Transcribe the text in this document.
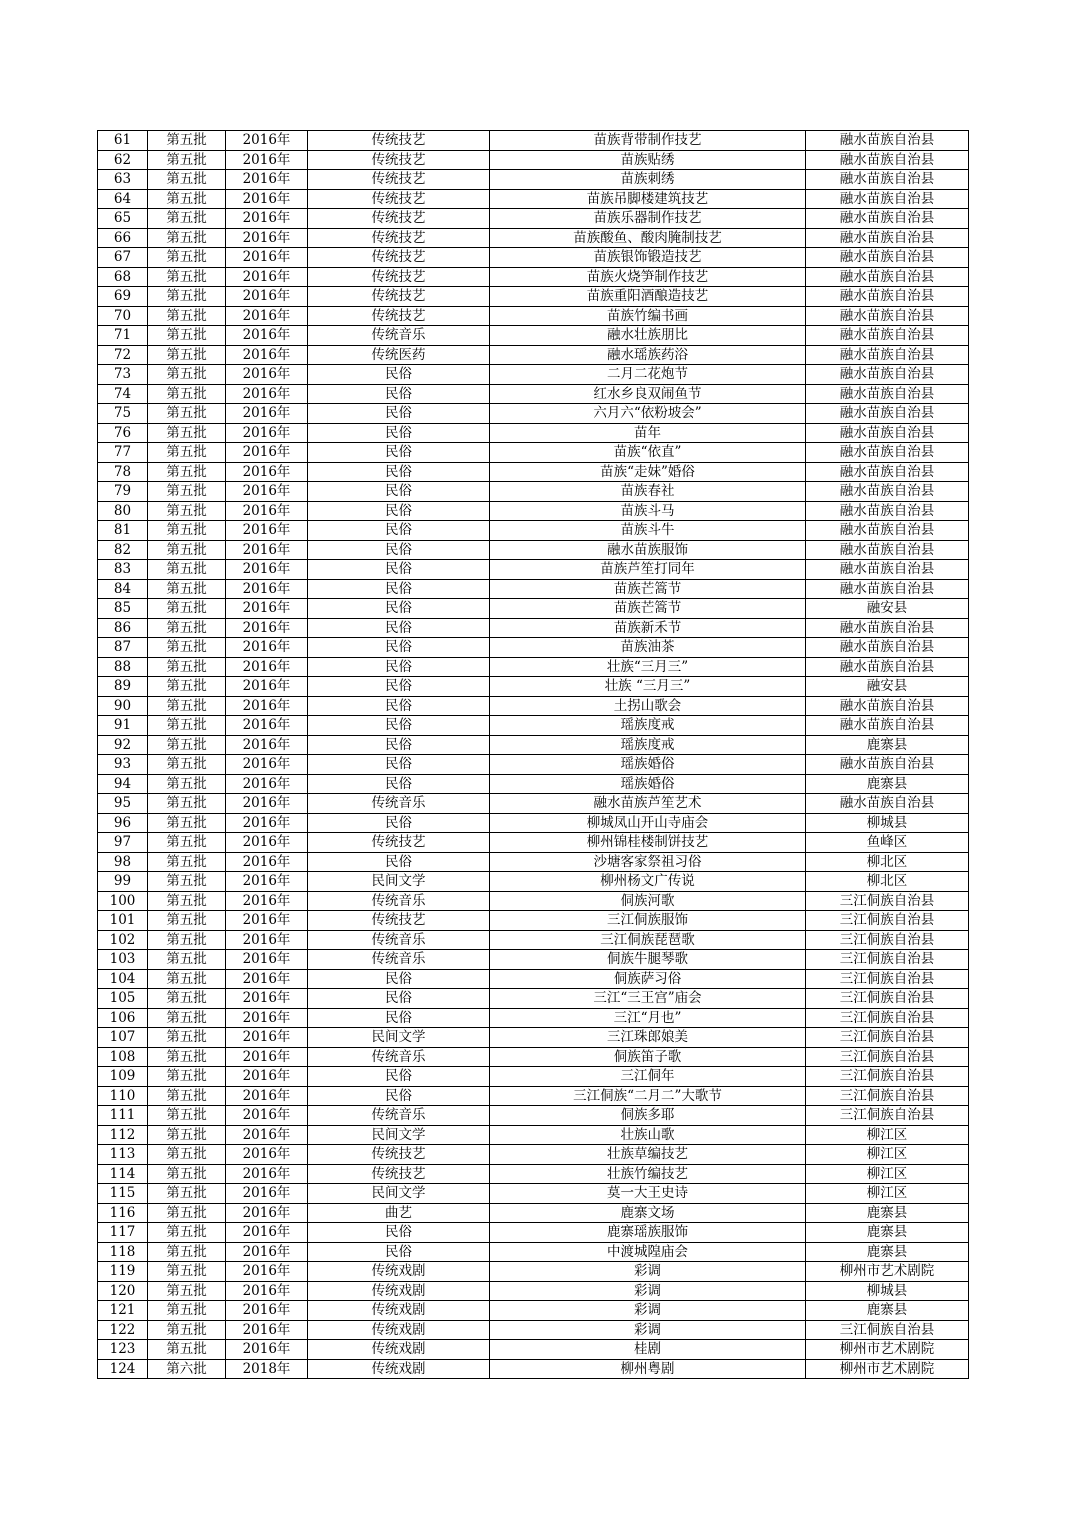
61	第五批	2016年	传统技艺	苗族背带制作技艺	融水苗族自治县
62	第五批	2016年	传统技艺	苗族贴绣	融水苗族自治县
63	第五批	2016年	传统技艺	苗族刺绣	融水苗族自治县
64	第五批	2016年	传统技艺	苗族吊脚楼建筑技艺	融水苗族自治县
65	第五批	2016年	传统技艺	苗族乐器制作技艺	融水苗族自治县
66	第五批	2016年	传统技艺	苗族酸鱼、酸肉腌制技艺	融水苗族自治县
67	第五批	2016年	传统技艺	苗族银饰锻造技艺	融水苗族自治县
68	第五批	2016年	传统技艺	苗族火烧笋制作技艺	融水苗族自治县
69	第五批	2016年	传统技艺	苗族重阳酒酿造技艺	融水苗族自治县
70	第五批	2016年	传统技艺	苗族竹编书画	融水苗族自治县
71	第五批	2016年	传统音乐	融水壮族朋比	融水苗族自治县
72	第五批	2016年	传统医药	融水瑶族药浴	融水苗族自治县
73	第五批	2016年	民俗	二月二花炮节	融水苗族自治县
74	第五批	2016年	民俗	红水乡良双闹鱼节	融水苗族自治县
75	第五批	2016年	民俗	六月六“依粉坡会”	融水苗族自治县
76	第五批	2016年	民俗	苗年	融水苗族自治县
77	第五批	2016年	民俗	苗族“依直”	融水苗族自治县
78	第五批	2016年	民俗	苗族“走妹”婚俗	融水苗族自治县
79	第五批	2016年	民俗	苗族春社	融水苗族自治县
80	第五批	2016年	民俗	苗族斗马	融水苗族自治县
81	第五批	2016年	民俗	苗族斗牛	融水苗族自治县
82	第五批	2016年	民俗	融水苗族服饰	融水苗族自治县
83	第五批	2016年	民俗	苗族芦笙打同年	融水苗族自治县
84	第五批	2016年	民俗	苗族芒篙节	融水苗族自治县
85	第五批	2016年	民俗	苗族芒篙节	融安县
86	第五批	2016年	民俗	苗族新禾节	融水苗族自治县
87	第五批	2016年	民俗	苗族油茶	融水苗族自治县
88	第五批	2016年	民俗	壮族“三月三”	融水苗族自治县
89	第五批	2016年	民俗	壮族 “三月三”	融安县
90	第五批	2016年	民俗	土拐山歌会	融水苗族自治县
91	第五批	2016年	民俗	瑶族度戒	融水苗族自治县
92	第五批	2016年	民俗	瑶族度戒	鹿寨县
93	第五批	2016年	民俗	瑶族婚俗	融水苗族自治县
94	第五批	2016年	民俗	瑶族婚俗	鹿寨县
95	第五批	2016年	传统音乐	融水苗族芦笙艺术	融水苗族自治县
96	第五批	2016年	民俗	柳城凤山开山寺庙会	柳城县
97	第五批	2016年	传统技艺	柳州锦桂楼制饼技艺	鱼峰区
98	第五批	2016年	民俗	沙塘客家祭祖习俗	柳北区
99	第五批	2016年	民间文学	柳州杨文广传说	柳北区
100	第五批	2016年	传统音乐	侗族河歌	三江侗族自治县
101	第五批	2016年	传统技艺	三江侗族服饰	三江侗族自治县
102	第五批	2016年	传统音乐	三江侗族琵琶歌	三江侗族自治县
103	第五批	2016年	传统音乐	侗族牛腿琴歌	三江侗族自治县
104	第五批	2016年	民俗	侗族萨习俗	三江侗族自治县
105	第五批	2016年	民俗	三江“三王宫”庙会	三江侗族自治县
106	第五批	2016年	民俗	三江“月也”	三江侗族自治县
107	第五批	2016年	民间文学	三江珠郎娘美	三江侗族自治县
108	第五批	2016年	传统音乐	侗族笛子歌	三江侗族自治县
109	第五批	2016年	民俗	三江侗年	三江侗族自治县
110	第五批	2016年	民俗	三江侗族“二月二”大歌节	三江侗族自治县
111	第五批	2016年	传统音乐	侗族多耶	三江侗族自治县
112	第五批	2016年	民间文学	壮族山歌	柳江区
113	第五批	2016年	传统技艺	壮族草编技艺	柳江区
114	第五批	2016年	传统技艺	壮族竹编技艺	柳江区
115	第五批	2016年	民间文学	莫一大王史诗	柳江区
116	第五批	2016年	曲艺	鹿寨文场	鹿寨县
117	第五批	2016年	民俗	鹿寨瑶族服饰	鹿寨县
118	第五批	2016年	民俗	中渡城隍庙会	鹿寨县
119	第五批	2016年	传统戏剧	彩调	柳州市艺术剧院
120	第五批	2016年	传统戏剧	彩调	柳城县
121	第五批	2016年	传统戏剧	彩调	鹿寨县
122	第五批	2016年	传统戏剧	彩调	三江侗族自治县
123	第五批	2016年	传统戏剧	桂剧	柳州市艺术剧院
124	第六批	2018年	传统戏剧	柳州粤剧	柳州市艺术剧院
